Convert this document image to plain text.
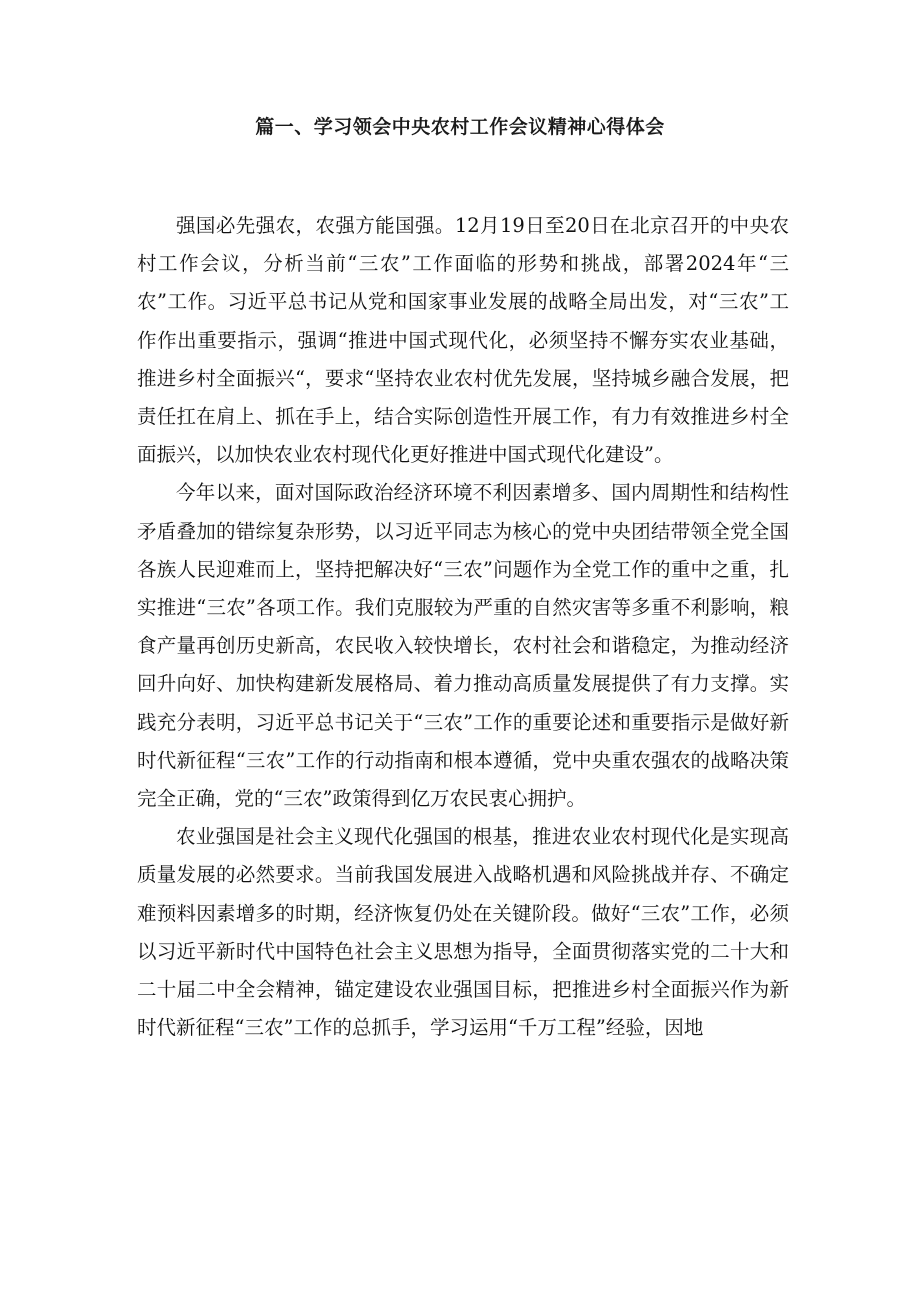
篇一、学习领会中央农村工作会议精神心得体会

强国必先强农，农强方能国强。12月19日至20日在北京召开的中央农村工作会议，分析当前“三农”工作面临的形势和挑战，部署2024年“三农”工作。习近平总书记从党和国家事业发展的战略全局出发，对“三农”工作作出重要指示，强调“推进中国式现代化，必须坚持不懈夯实农业基础，推进乡村全面振兴“，要求“坚持农业农村优先发展，坚持城乡融合发展，把责任扛在肩上、抓在手上，结合实际创造性开展工作，有力有效推进乡村全面振兴，以加快农业农村现代化更好推进中国式现代化建设”。

今年以来，面对国际政治经济环境不利因素增多、国内周期性和结构性矛盾叠加的错综复杂形势，以习近平同志为核心的党中央团结带领全党全国各族人民迎难而上，坚持把解决好“三农”问题作为全党工作的重中之重，扎实推进“三农”各项工作。我们克服较为严重的自然灾害等多重不利影响，粮食产量再创历史新高，农民收入较快增长，农村社会和谐稳定，为推动经济回升向好、加快构建新发展格局、着力推动高质量发展提供了有力支撑。实践充分表明，习近平总书记关于“三农”工作的重要论述和重要指示是做好新时代新征程“三农”工作的行动指南和根本遵循，党中央重农强农的战略决策完全正确，党的“三农”政策得到亿万农民衷心拥护。

农业强国是社会主义现代化强国的根基，推进农业农村现代化是实现高质量发展的必然要求。当前我国发展进入战略机遇和风险挑战并存、不确定难预料因素增多的时期，经济恢复仍处在关键阶段。做好“三农”工作，必须以习近平新时代中国特色社会主义思想为指导，全面贯彻落实党的二十大和二十届二中全会精神，锚定建设农业强国目标，把推进乡村全面振兴作为新时代新征程“三农”工作的总抓手，学习运用“千万工程”经验，因地
